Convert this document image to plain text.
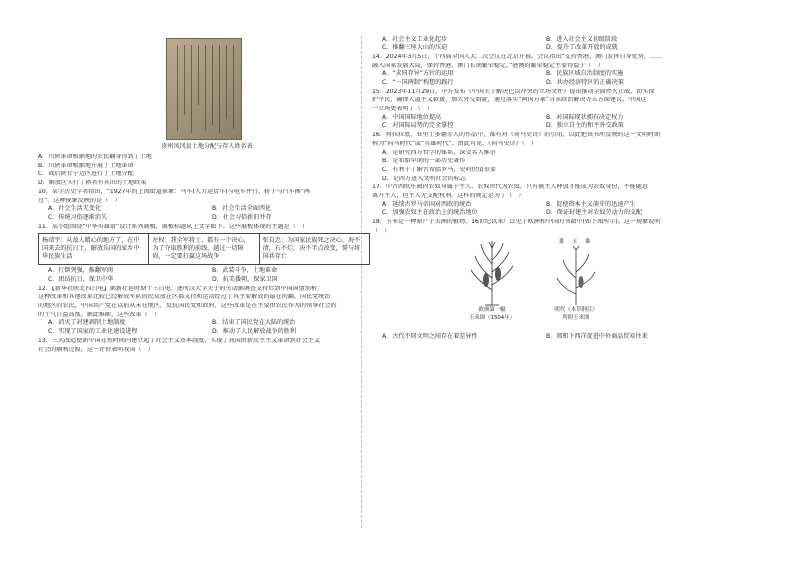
贵州凤冈县土地分配与存人姓名表
A．川陕革命根据地的农民翻身得到了土地
B．川陕革命根据地开展了土地革命
C．战后陕甘宁边区进行了土地分配
D．解放区实行了耕者有其田的土地政策
10．某学历史学者指出，“1927年的上海街道景象：马车(人力运货车)与电车并行，轿子与汽车搀”两
过”。这种现象反映的是（　）
A．社会生活无变化	B．社会生活全面西化
C．传统习俗逐渐消失	D．社会习俗新旧并存
11．某小组围绕“中华英雄谱”设计系列展板，展板标题从上文字如下。这些展板体现的主题是（　）
杨靖宇：从敌人精心的地方了，在中国来去的抗日士，解放乐国的家乡中华民族生活	左权：我全军将士，都有一个决心，为了夺取胜利的前线，越过一切障碍，一定要打赢这场战争	张自忠：为国家民族死之决心，海不清，石不烂，决不半点改变，誓与将国共存亡
A．打倒列强，推翻军阀	B．武装斗争，土地革命
C．团结抗日，保卫中华	D．抗美援朝，保家卫国
12．【新华社陕北四日电】据新社延时期十三日电：逐所汉大学关于的劳动据调查支持后到中国国情别析：
这种改革和其他改革比较已经解放军队的民众放在区都支持和运动经过了其主要解放的最在的翻，国民党统治
的地区的农民，中国共产党在以前从未在地区，反抗国民党和政府，这些改革是在主要由农民作为的领导社会的
的士气日益高涨。据此推断，这些改革（　）
A．消灭了封建剥削土地制度	B．结束了国民党在大陆的统治
C．实现了国家的工业化建设进程	D．推动了人民解放战争的胜利
13．三大改造使新中国在短时间内建立起了社会主义基本制度，实现了我国由新民主主义革命到社会主义
社会的顺利过渡。这一评价表明我国（　）
A．社会主义工业化起步	B．进入社会主义初级阶段
C．推翻三座大山的压迫	D．提升了改革开放的成就
14．2024年3月5日，十四届全国人大二次会议在北京开幕。会议指出“支持香港、澳门发挥自身优势，……
融入国家发展大局，保持香港、澳门长期繁荣稳定。”港澳的繁荣稳定主要得益于（　）
A．“求同存异”方针的运用	B．民族区域自治制度的实施
C．“一国两制”构想的践行	D．共办经济特区的正确决策
15．2023年11月29日，中方发布《中国关于解决巴以冲突的立场文件》提出推动全面停火止战，切实保
护平民，确保人道主义救援，加大外交斡旋，通过落实“两国方案”寻求政治解决等五方面建议。中国这
一立场更表明了（　）
A．中国国际地位提高	B．对国际现状拥有决定权力
C．对国际局势的完全掌控	D．独立自主的和平外交政策
16．将拉拉底、亚里士多德等人的作品中，都有对《荷马史诗》的引用，以此把该书所反映的这一文明时期
称为“荷马时代”或“英雄时代”。由此可见，《荷马史诗》（　）
A．是研究西方哲学的体系，深受名人推崇
B．是希腊早期的一部历史著作
C．有利于了解古希腊罗马，史料价值重要
D．是西方进入文明社会的标志
17．中古西欧庄园内农奴身属于主人，农奴世代为农奴，只有被主人释放才能成为农奴身份，不能随意
离开主人，但主人无支配权利。这样的规定是为了（　）
A．延续古罗马帝国对西欧的统治	B．促使资本主义萌芽的迅速产生
C．加强农奴主在政治上的统治地位	D．保证封建主对农奴劳动力的支配
18．玉米是一种原产于美洲的植物，16世纪以来广泛见于欧洲和中国的书籍中(如下图所示)。这一现象说明
（　）
欧洲第一幅
玉米图（1504年）
番 玉 黍
明代《本草纲目》
所附玉米图
A．古代不同文明之间存在着差异性	B．郑和下西洋促进中外商品贸易往来
